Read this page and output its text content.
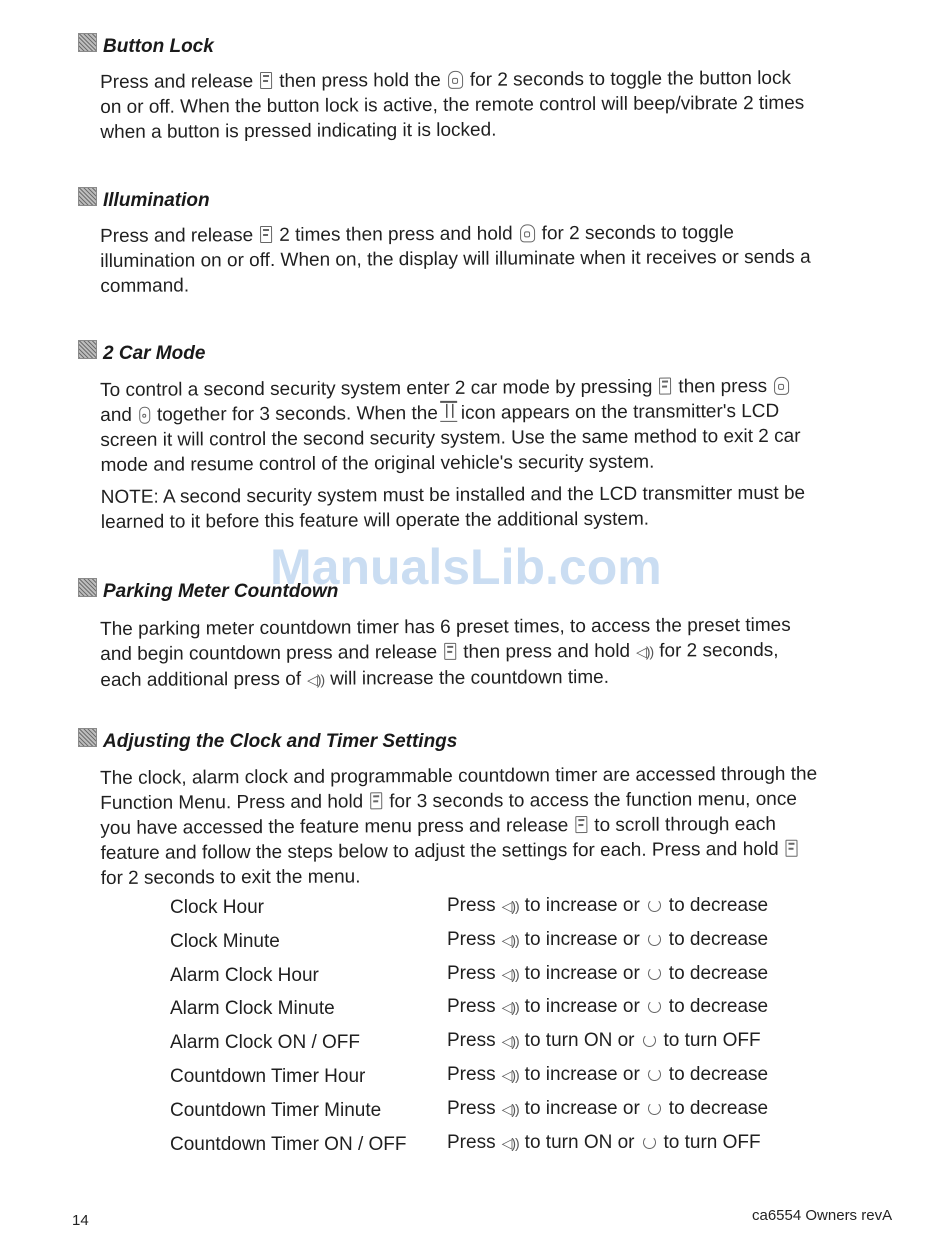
Button Lock
Press and release then press hold the for 2 seconds to toggle the button lock
on or off. When the button lock is active, the remote control will beep/vibrate 2 times
when a button is pressed indicating it is locked.
Illumination
Press and release 2 times then press and hold for 2 seconds to toggle
illumination on or off. When on, the display will illuminate when it receives or sends a
command.
2 Car Mode
To control a second security system enter 2 car mode by pressing then press
and together for 3 seconds. When the icon appears on the transmitter's LCD
screen it will control the second security system. Use the same method to exit 2 car
mode and resume control of the original vehicle's security system.
NOTE: A second security system must be installed and the LCD transmitter must be
learned to it before this feature will operate the additional system.
ManualsLib.com
Parking Meter Countdown
The parking meter countdown timer has 6 preset times, to access the preset times
and begin countdown press and release then press and hold ◁)) for 2 seconds,
each additional press of ◁)) will increase the countdown time.
Adjusting the Clock and Timer Settings
The clock, alarm clock and programmable countdown timer are accessed through the
Function Menu. Press and hold for 3 seconds to access the function menu, once
you have accessed the feature menu press and release to scroll through each
feature and follow the steps below to adjust the settings for each. Press and hold
for 2 seconds to exit the menu.
Clock Hour	Press ◁)) to increase or to decrease
Clock Minute	Press ◁)) to increase or to decrease
Alarm Clock Hour	Press ◁)) to increase or to decrease
Alarm Clock Minute	Press ◁)) to increase or to decrease
Alarm Clock ON / OFF	Press ◁)) to turn ON or to turn OFF
Countdown Timer Hour	Press ◁)) to increase or to decrease
Countdown Timer Minute	Press ◁)) to increase or to decrease
Countdown Timer ON / OFF Press ◁)) to turn ON or to turn OFF
14	ca6554 Owners revA
